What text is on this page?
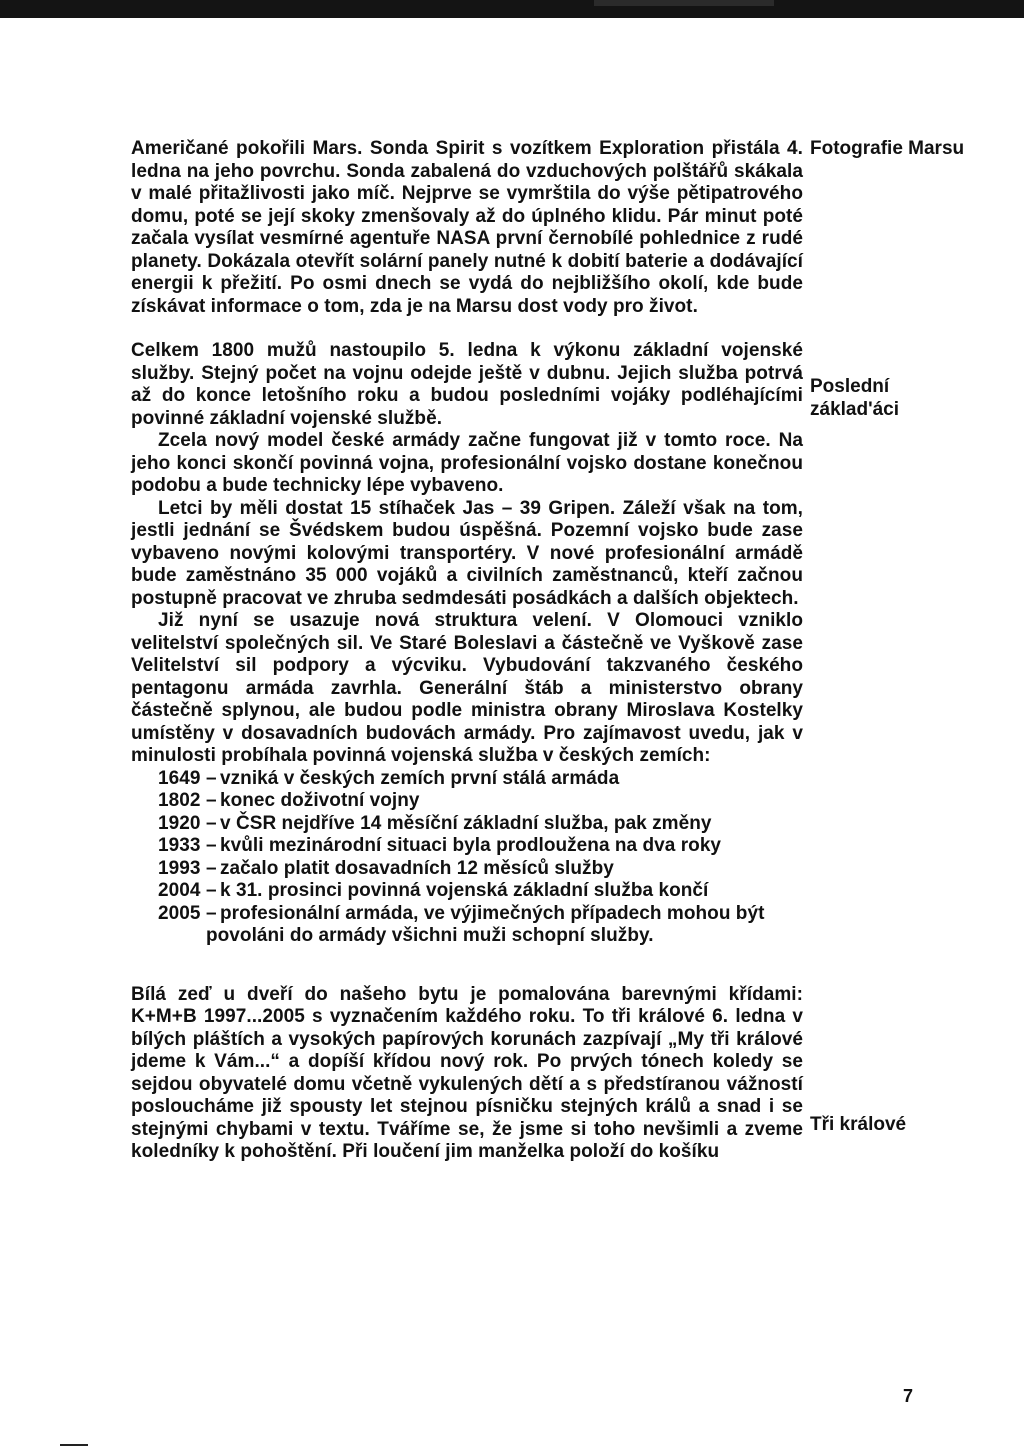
Američané pokořili Mars. Sonda Spirit s vozítkem Exploration přistála 4. ledna na jeho povrchu. Sonda zabalená do vzduchových polštářů skákala v malé přitažlivosti jako míč. Nejprve se vymrštila do výše pětipatrového domu, poté se její skoky zmenšovaly až do úplného klidu. Pár minut poté začala vysílat vesmírné agentuře NASA první černobílé pohlednice z rudé planety. Dokázala otevřít solární panely nutné k dobití baterie a dodávající energii k přežití. Po osmi dnech se vydá do nejbližšího okolí, kde bude získávat informace o tom, zda je na Marsu dost vody pro život.

Celkem 1800 mužů nastoupilo 5. ledna k výkonu základní vojenské služby. Stejný počet na vojnu odejde ještě v dubnu. Jejich služba potrvá až do konce letošního roku a budou posledními vojáky podléhajícími povinné základní vojenské službě.

Zcela nový model české armády začne fungovat již v tomto roce. Na jeho konci skončí povinná vojna, profesionální vojsko dostane konečnou podobu a bude technicky lépe vybaveno.

Letci by měli dostat 15 stíhaček Jas – 39 Gripen. Záleží však na tom, jestli jednání se Švédskem budou úspěšná. Pozemní vojsko bude zase vybaveno novými kolovými transportéry. V nové profesionální armádě bude zaměstnáno 35 000 vojáků a civilních zaměstnanců, kteří začnou postupně pracovat ve zhruba sedmdesáti posádkách a dalších objektech.

Již nyní se usazuje nová struktura velení. V Olomouci vzniklo velitelství společných sil. Ve Staré Boleslavi a částečně ve Vyškově zase Velitelství sil podpory a výcviku. Vybudování takzvaného českého pentagonu armáda zavrhla. Generální štáb a ministerstvo obrany částečně splynou, ale budou podle ministra obrany Miroslava Kostelky umístěny v dosavadních budovách armády. Pro zajímavost uvedu, jak v minulosti probíhala povinná vojenská služba v českých zemích:

1649 – vzniká v českých zemích první stálá armáda
1802 – konec doživotní vojny
1920 – v ČSR nejdříve 14 měsíční základní služba, pak změny
1933 – kvůli mezinárodní situaci byla prodloužena na dva roky
1993 – začalo platit dosavadních 12 měsíců služby
2004 – k 31. prosinci povinná vojenská základní služba končí
2005 – profesionální armáda, ve výjimečných případech mohou být povoláni do armády všichni muži schopní služby.

Bílá zeď u dveří do našeho bytu je pomalována barevnými křídami: K+M+B 1997...2005 s vyznačením každého roku. To tři králové 6. ledna v bílých pláštích a vysokých papírových korunách zazpívají „My tři králové jdeme k Vám...“ a dopíší křídou nový rok. Po prvých tónech koledy se sejdou obyvatelé domu včetně vykulených dětí a s předstíranou vážností posloucháme již spousty let stejnou písničku stejných králů a snad i se stejnými chybami v textu. Tváříme se, že jsme si toho nevšimli a zveme koledníky k pohoštění. Při loučení jim manželka položí do košíku

Fotografie Marsu
Poslední
základ'áci
Tři králové
7
